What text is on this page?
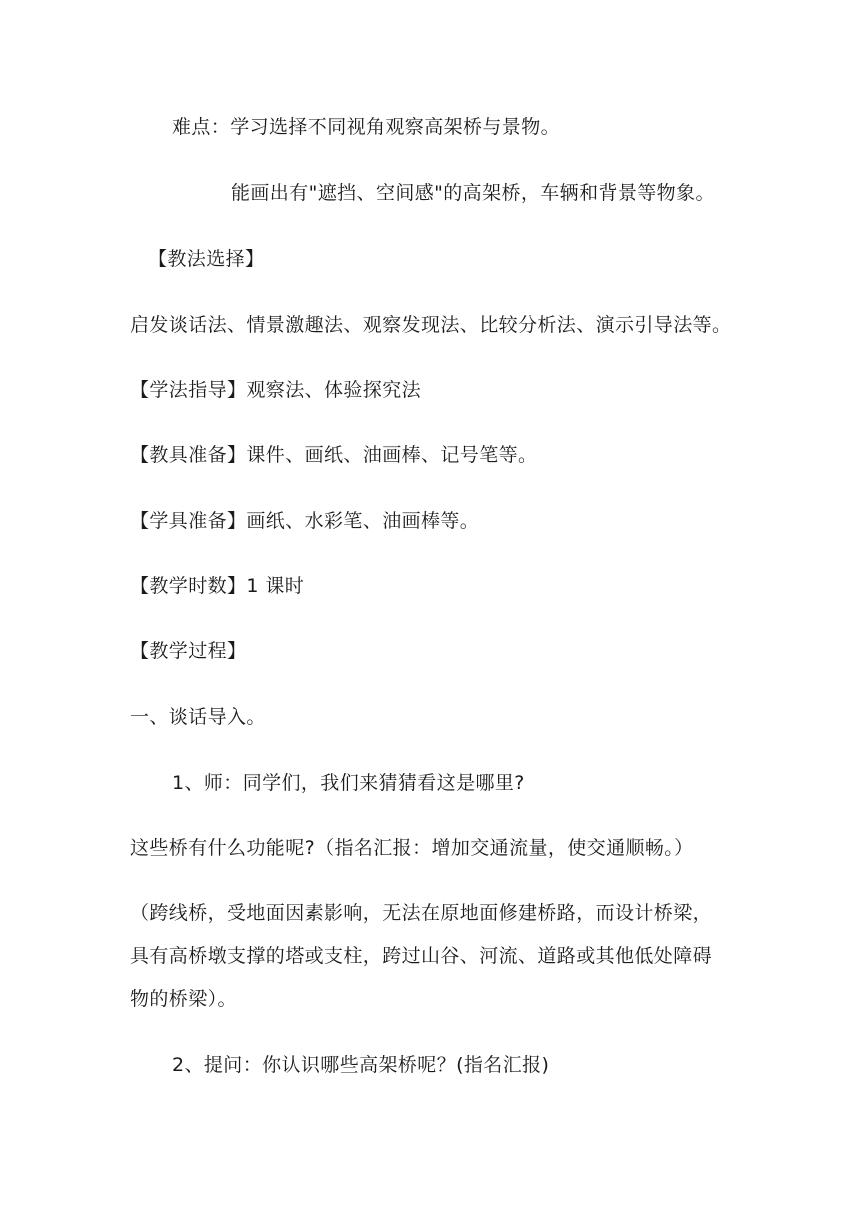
难点：学习选择不同视角观察高架桥与景物。
能画出有"遮挡、空间感"的高架桥，车辆和背景等物象。
【教法选择】
启发谈话法、情景激趣法、观察发现法、比较分析法、演示引导法等。
【学法指导】观察法、体验探究法
【教具准备】课件、画纸、油画棒、记号笔等。
【学具准备】画纸、水彩笔、油画棒等。
【教学时数】1 课时
【教学过程】
一、谈话导入。
1、师：同学们，我们来猜猜看这是哪里?
这些桥有什么功能呢?（指名汇报：增加交通流量，使交通顺畅。）
（跨线桥，受地面因素影响，无法在原地面修建桥路，而设计桥梁，
具有高桥墩支撑的塔或支柱，跨过山谷、河流、道路或其他低处障碍
物的桥梁）。
2、提问：你认识哪些高架桥呢？(指名汇报)
